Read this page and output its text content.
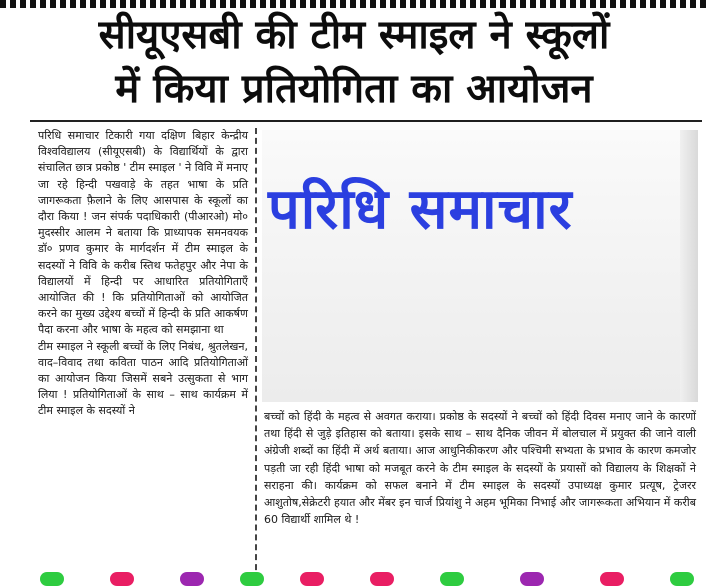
सीयूएसबी की टीम स्माइल ने स्कूलों
में किया प्रतियोगिता का आयोजन

परिधि समाचार टिकारी गया दक्षिण बिहार केन्द्रीय विश्वविद्यालय (सीयूएसबी) के विद्यार्थियों के द्वारा संचालित छात्र प्रकोष्ठ ' टीम स्माइल ' ने विवि में मनाए जा रहे हिन्दी पखवाड़े के तहत भाषा के प्रति जागरूकता फ़ैलाने के लिए आसपास के स्कूलों का दौरा किया ! जन संपर्क पदाधिकारी (पीआरओ) मो० मुदस्सीर आलम ने बताया कि प्राध्यापक समनवयक डॉ० प्रणव कुमार के मार्गदर्शन में टीम स्माइल के सदस्यों ने विवि के करीब स्तिथ फतेहपुर और नेपा के विद्यालयों में हिन्दी पर आधारित प्रतियोगिताएँ आयोजित की ! कि प्रतियोगिताओं को आयोजित करने का मुख्य उद्देश्य बच्चों में हिन्दी के प्रति आकर्षण पैदा करना और भाषा के महत्व को समझाना था

टीम स्माइल ने स्कूली बच्चों के लिए निबंध, श्रुतलेखन, वाद–विवाद तथा कविता पाठन आदि प्रतियोगिताओं का आयोजन किया जिसमें सबने उत्सुकता से भाग लिया ! प्रतियोगिताओं के साथ – साथ कार्यक्रम में टीम स्माइल के सदस्यों ने

परिधि समाचार

बच्चों को हिंदी के महत्व से अवगत कराया। प्रकोष्ठ के सदस्यों ने बच्चों को हिंदी दिवस मनाए जाने के कारणों तथा हिंदी से जुड़े इतिहास को बताया। इसके साथ – साथ दैनिक जीवन में बोलचाल में प्रयुक्त की जाने वाली अंग्रेजी शब्दों का हिंदी में अर्थ बताया। आज आधुनिकीकरण और पश्चिमी सभ्यता के प्रभाव के कारण कमजोर पड़ती जा रही हिंदी भाषा को मजबूत करने के टीम स्माइल के सदस्यों के प्रयासों को विद्यालय के शिक्षकों ने सराहना की। कार्यक्रम को सफल बनाने में टीम स्माइल के सदस्यों उपाध्यक्ष कुमार प्रत्यूष, ट्रेजरर आशुतोष,सेक्रेटरी हयात और मेंबर इन चार्ज प्रियांशु ने अहम भूमिका निभाई और जागरूकता अभियान में करीब 60 विद्यार्थी शामिल थे !
